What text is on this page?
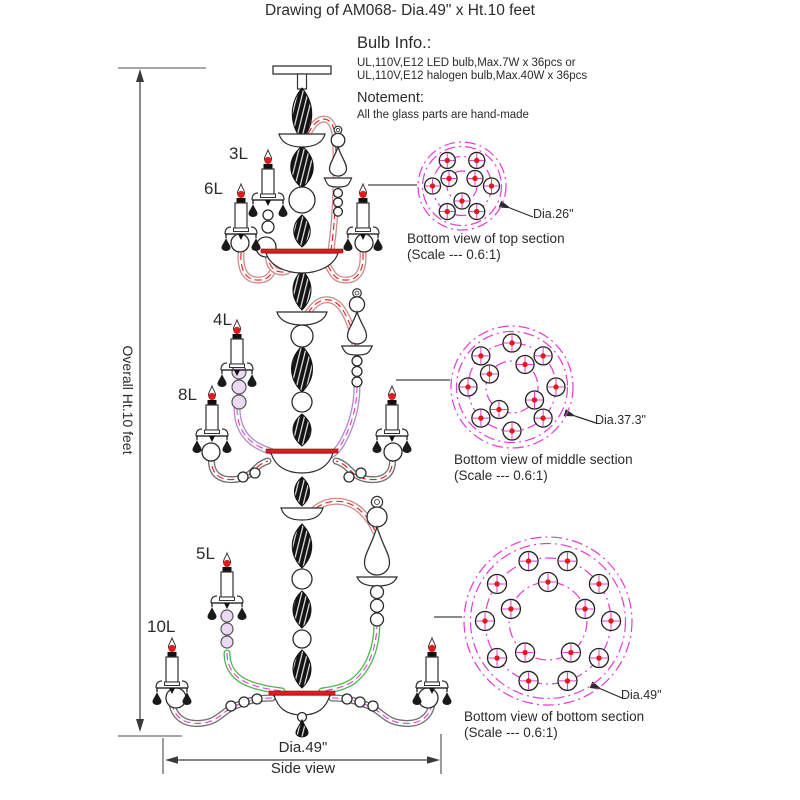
Drawing of AM068- Dia.49" x Ht.10 feet
Bulb Info.:
UL,110V,E12 LED bulb,Max.7W x 36pcs or
UL,110V,E12 halogen bulb,Max.40W x 36pcs
Notement:
All the glass parts are hand-made
3L
6L
4L
8L
5L
10L
Bottom view of top section
(Scale --- 0.6:1)
Bottom view of middle section
(Scale --- 0.6:1)
Bottom view of bottom section
(Scale --- 0.6:1)
Dia.26"
Dia.37.3"
Dia.49"
Dia.49"
Side view
Overall Ht.10 feet
